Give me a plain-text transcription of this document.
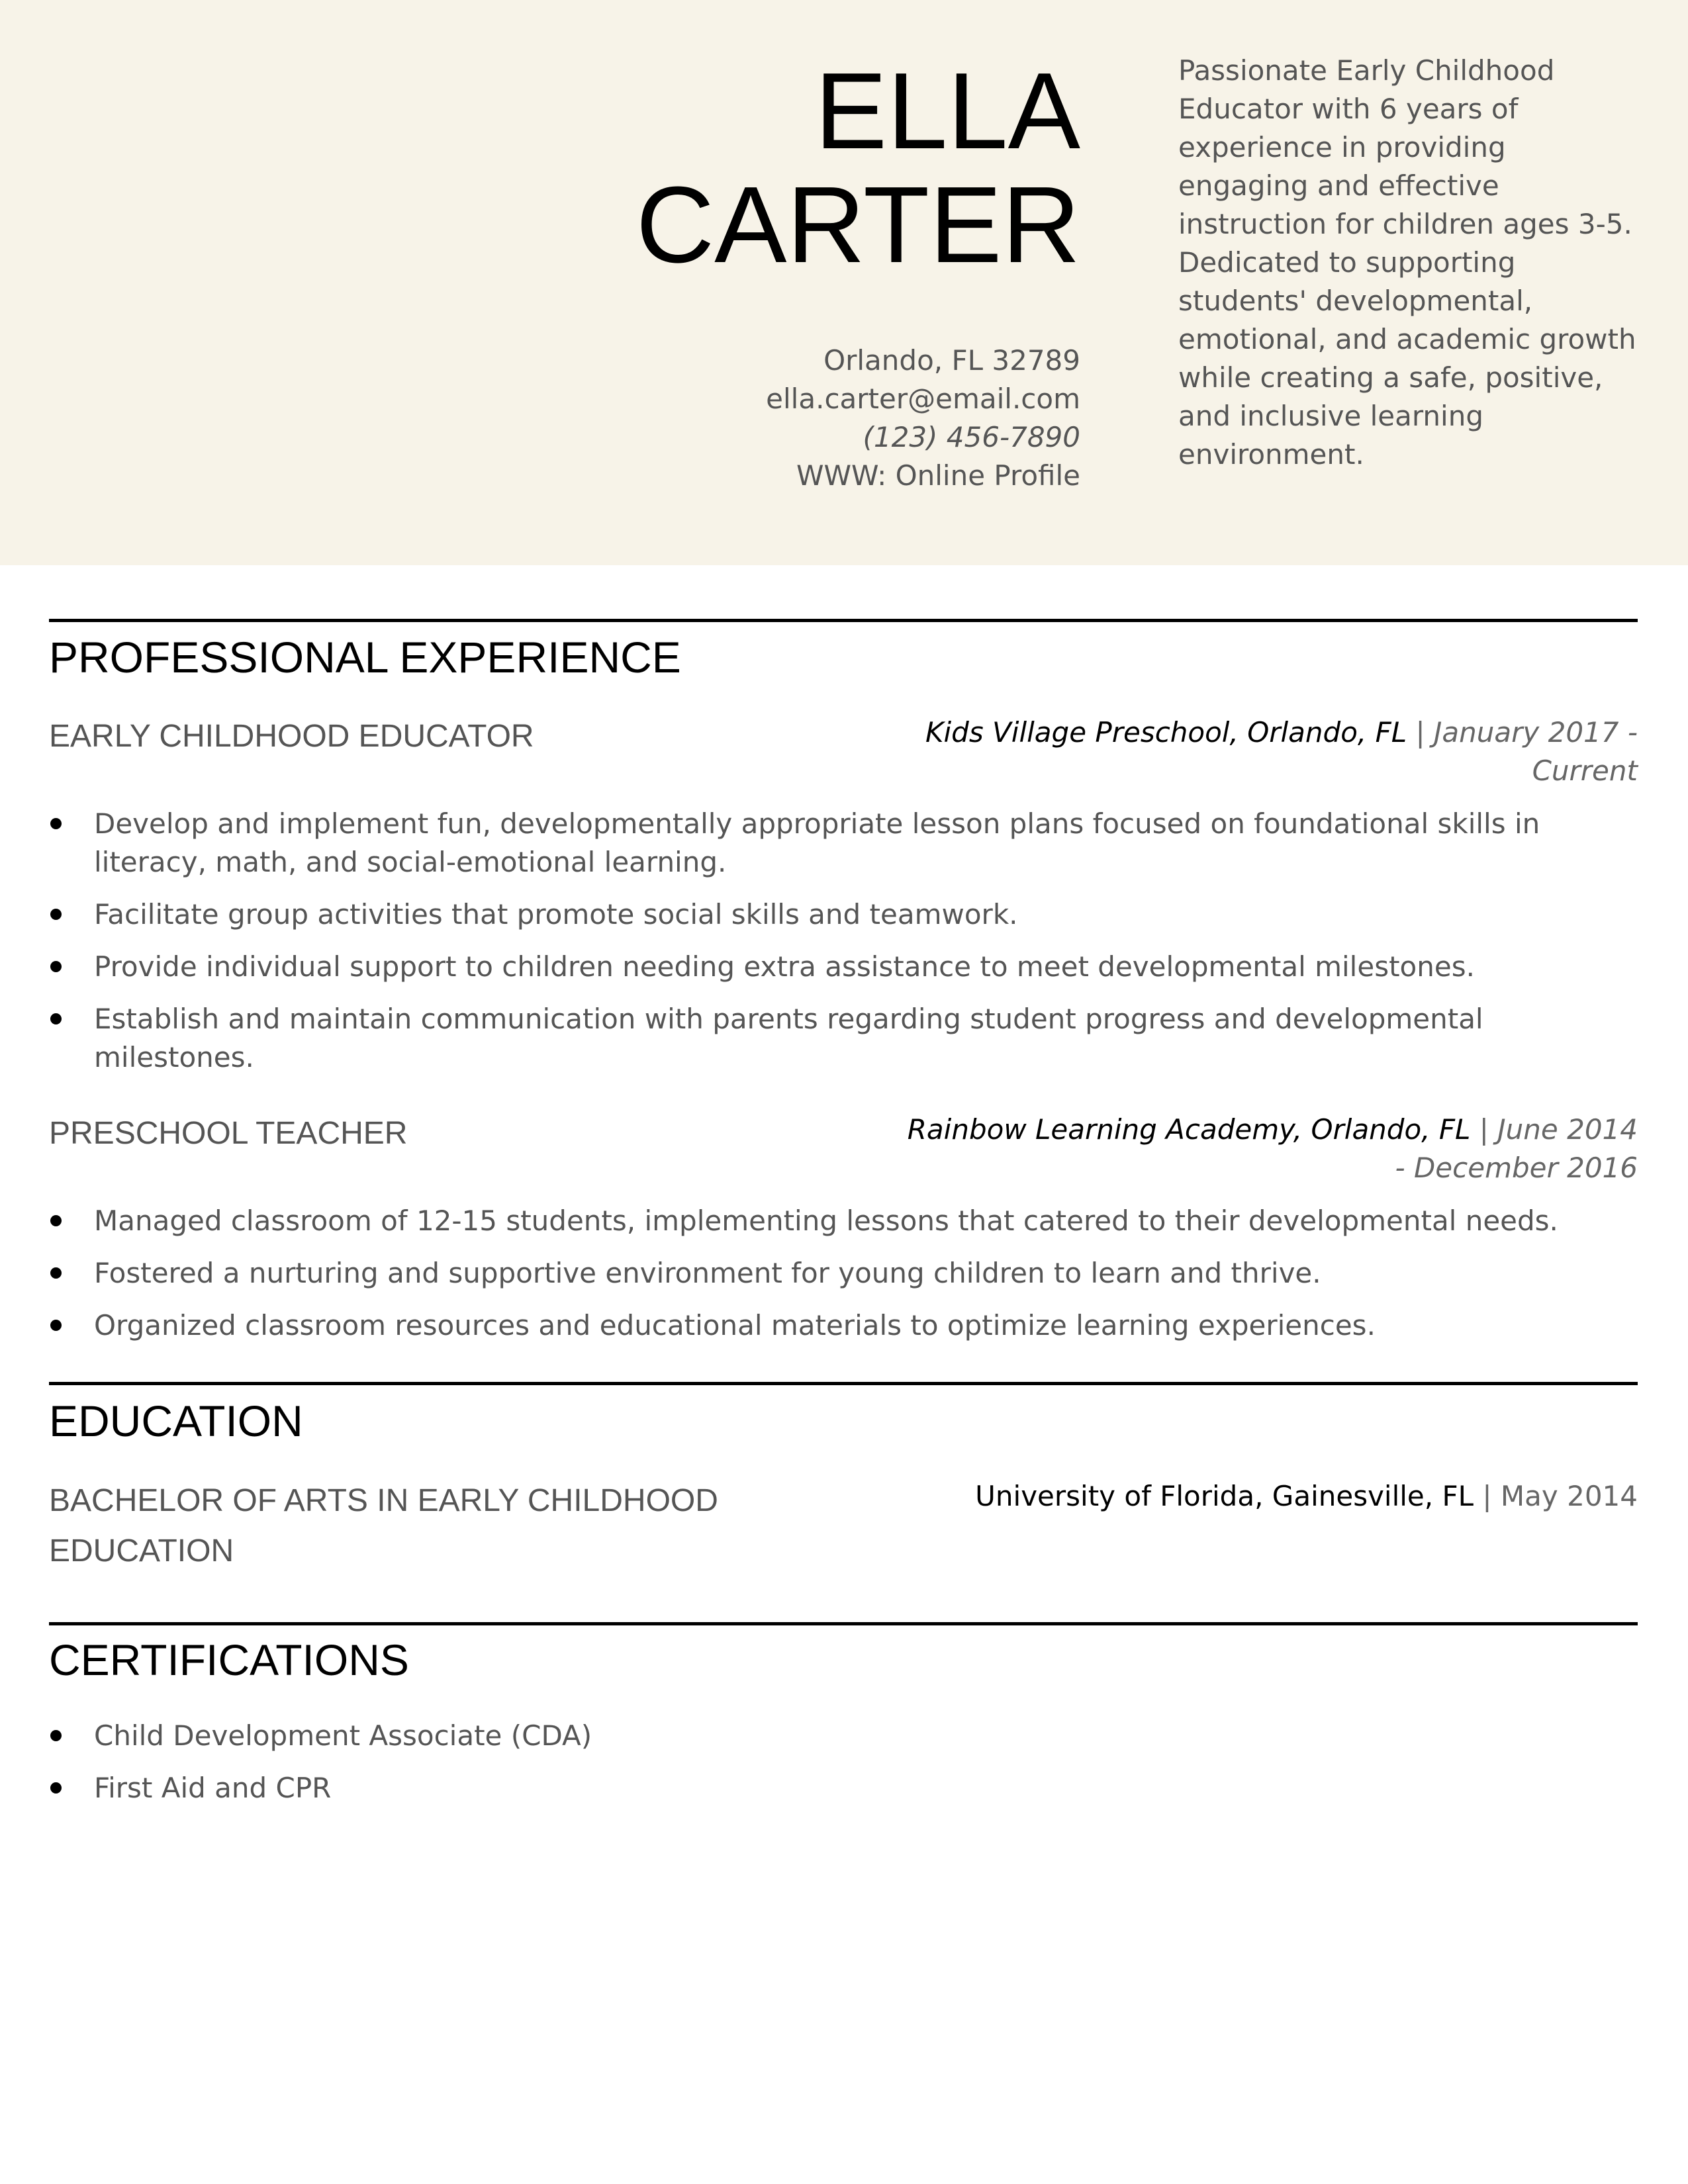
ELLA
CARTER
Orlando, FL 32789
ella.carter@email.com
(123) 456-7890
WWW: Online Profile

Passionate Early Childhood Educator with 6 years of experience in providing engaging and effective instruction for children ages 3-5. Dedicated to supporting students' developmental, emotional, and academic growth while creating a safe, positive, and inclusive learning environment.

PROFESSIONAL EXPERIENCE
EARLY CHILDHOOD EDUCATOR	Kids Village Preschool, Orlando, FL | January 2017 - Current
Develop and implement fun, developmentally appropriate lesson plans focused on foundational skills in literacy, math, and social-emotional learning.
Facilitate group activities that promote social skills and teamwork.
Provide individual support to children needing extra assistance to meet developmental milestones.
Establish and maintain communication with parents regarding student progress and developmental milestones.
PRESCHOOL TEACHER	Rainbow Learning Academy, Orlando, FL | June 2014 - December 2016
Managed classroom of 12-15 students, implementing lessons that catered to their developmental needs.
Fostered a nurturing and supportive environment for young children to learn and thrive.
Organized classroom resources and educational materials to optimize learning experiences.
EDUCATION
BACHELOR OF ARTS IN EARLY CHILDHOOD EDUCATION
University of Florida, Gainesville, FL | May 2014
CERTIFICATIONS
Child Development Associate (CDA)
First Aid and CPR
